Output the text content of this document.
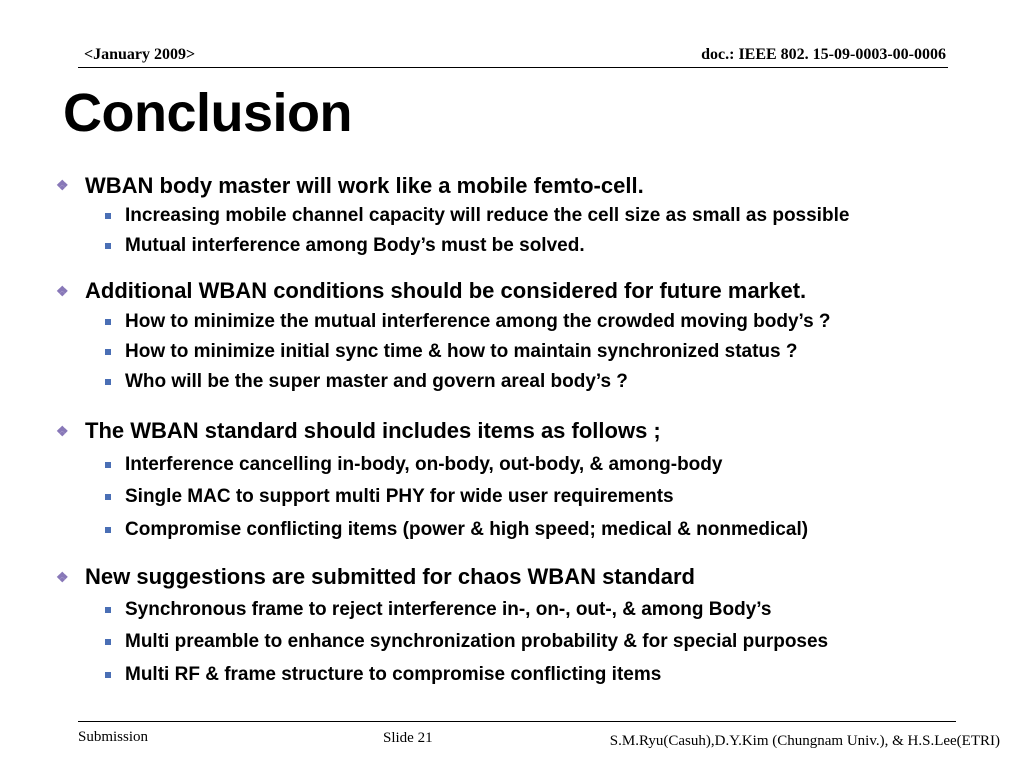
<January 2009>	doc.: IEEE 802. 15-09-0003-00-0006
Conclusion
❖ WBAN body master will work like a mobile femto-cell.
Increasing mobile channel capacity will reduce the cell size as small as possible
Mutual interference among Body’s must be solved.
❖ Additional WBAN conditions should be considered for future market.
How to minimize the mutual interference among the crowded moving body’s ?
How to minimize initial sync time & how to maintain synchronized status ?
Who will be the super master and govern areal body’s ?
❖ The WBAN standard should includes items as follows ;
Interference cancelling in-body, on-body, out-body, & among-body
Single MAC to support multi PHY for wide user requirements
Compromise conflicting items (power & high speed; medical & nonmedical)
❖ New suggestions are submitted for chaos WBAN standard
Synchronous frame to reject interference in-, on-, out-, & among Body’s
Multi preamble to enhance synchronization probability & for special purposes
Multi RF & frame structure to compromise conflicting items
Submission	Slide 21	S.M.Ryu(Casuh),D.Y.Kim (Chungnam Univ.), & H.S.Lee(ETRI)
